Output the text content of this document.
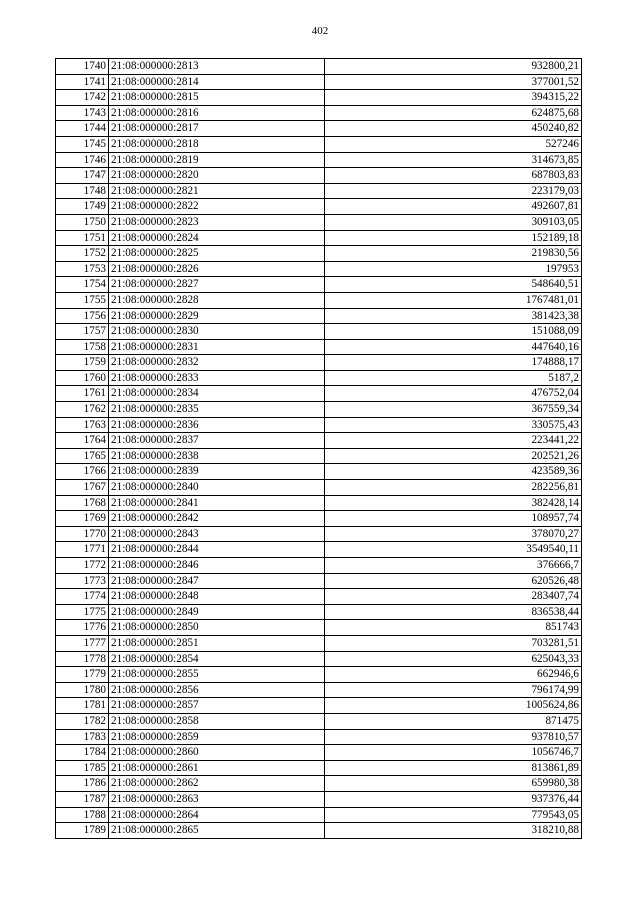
402
1740	21:08:000000:2813	932800,21
1741	21:08:000000:2814	377001,52
1742	21:08:000000:2815	394315,22
1743	21:08:000000:2816	624875,68
1744	21:08:000000:2817	450240,82
1745	21:08:000000:2818	527246
1746	21:08:000000:2819	314673,85
1747	21:08:000000:2820	687803,83
1748	21:08:000000:2821	223179,03
1749	21:08:000000:2822	492607,81
1750	21:08:000000:2823	309103,05
1751	21:08:000000:2824	152189,18
1752	21:08:000000:2825	219830,56
1753	21:08:000000:2826	197953
1754	21:08:000000:2827	548640,51
1755	21:08:000000:2828	1767481,01
1756	21:08:000000:2829	381423,38
1757	21:08:000000:2830	151088,09
1758	21:08:000000:2831	447640,16
1759	21:08:000000:2832	174888,17
1760	21:08:000000:2833	5187,2
1761	21:08:000000:2834	476752,04
1762	21:08:000000:2835	367559,34
1763	21:08:000000:2836	330575,43
1764	21:08:000000:2837	223441,22
1765	21:08:000000:2838	202521,26
1766	21:08:000000:2839	423589,36
1767	21:08:000000:2840	282256,81
1768	21:08:000000:2841	382428,14
1769	21:08:000000:2842	108957,74
1770	21:08:000000:2843	378070,27
1771	21:08:000000:2844	3549540,11
1772	21:08:000000:2846	376666,7
1773	21:08:000000:2847	620526,48
1774	21:08:000000:2848	283407,74
1775	21:08:000000:2849	836538,44
1776	21:08:000000:2850	851743
1777	21:08:000000:2851	703281,51
1778	21:08:000000:2854	625043,33
1779	21:08:000000:2855	662946,6
1780	21:08:000000:2856	796174,99
1781	21:08:000000:2857	1005624,86
1782	21:08:000000:2858	871475
1783	21:08:000000:2859	937810,57
1784	21:08:000000:2860	1056746,7
1785	21:08:000000:2861	813861,89
1786	21:08:000000:2862	659980,38
1787	21:08:000000:2863	937376,44
1788	21:08:000000:2864	779543,05
1789	21:08:000000:2865	318210,88
